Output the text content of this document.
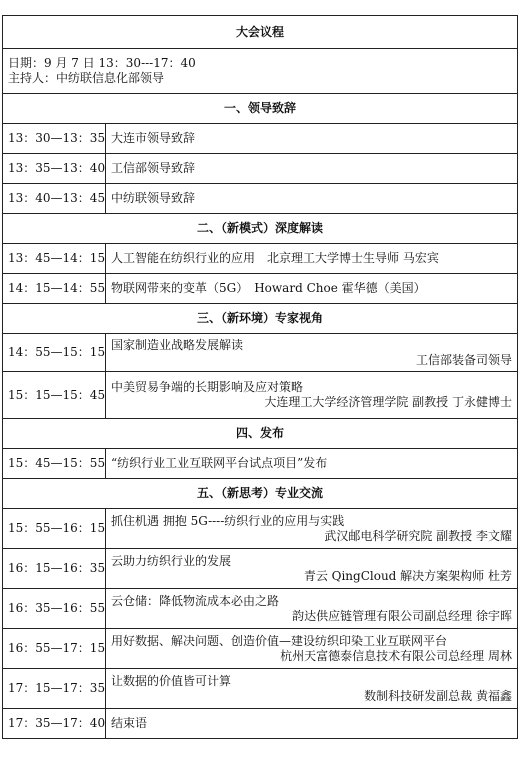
大会议程	

日期：9 月 7 日 13：30---17：40
主持人：中纺联信息化部领导	

一、领导致辞	
13：30—13：35	大连市领导致辞
13：35—13：40	工信部领导致辞
13：40—13：45	中纺联领导致辞
二、（新模式）深度解读	
13：45—14：15	人工智能在纺织行业的应用　北京理工大学博士生导师 马宏宾
14：15—14：55	物联网带来的变革（5G）　Howard Choe 霍华德（美国）
三、（新环境）专家视角	
14：55—15：15	国家制造业战略发展解读
工信部装备司领导

15：15—15：45	中美贸易争端的长期影响及应对策略
大连理工大学经济管理学院 副教授 丁永健博士

四、发布	
15：45—15：55	“纺织行业工业互联网平台试点项目”发布
五、（新思考）专业交流	
15：55—16：15	抓住机遇 拥抱 5G----纺织行业的应用与实践
武汉邮电科学研究院 副教授 李文耀

16：15—16：35	云助力纺织行业的发展
青云 QingCloud 解决方案架构师 杜芳

16：35—16：55	云仓储：降低物流成本必由之路
韵达供应链管理有限公司副总经理 徐宇晖

16：55—17：15	用好数据、解决问题、创造价值—建设纺织印染工业互联网平台
杭州天富德泰信息技术有限公司总经理 周林

17：15—17：35	让数据的价值皆可计算
数制科技研发副总裁 黄福鑫

17：35—17：40	结束语
